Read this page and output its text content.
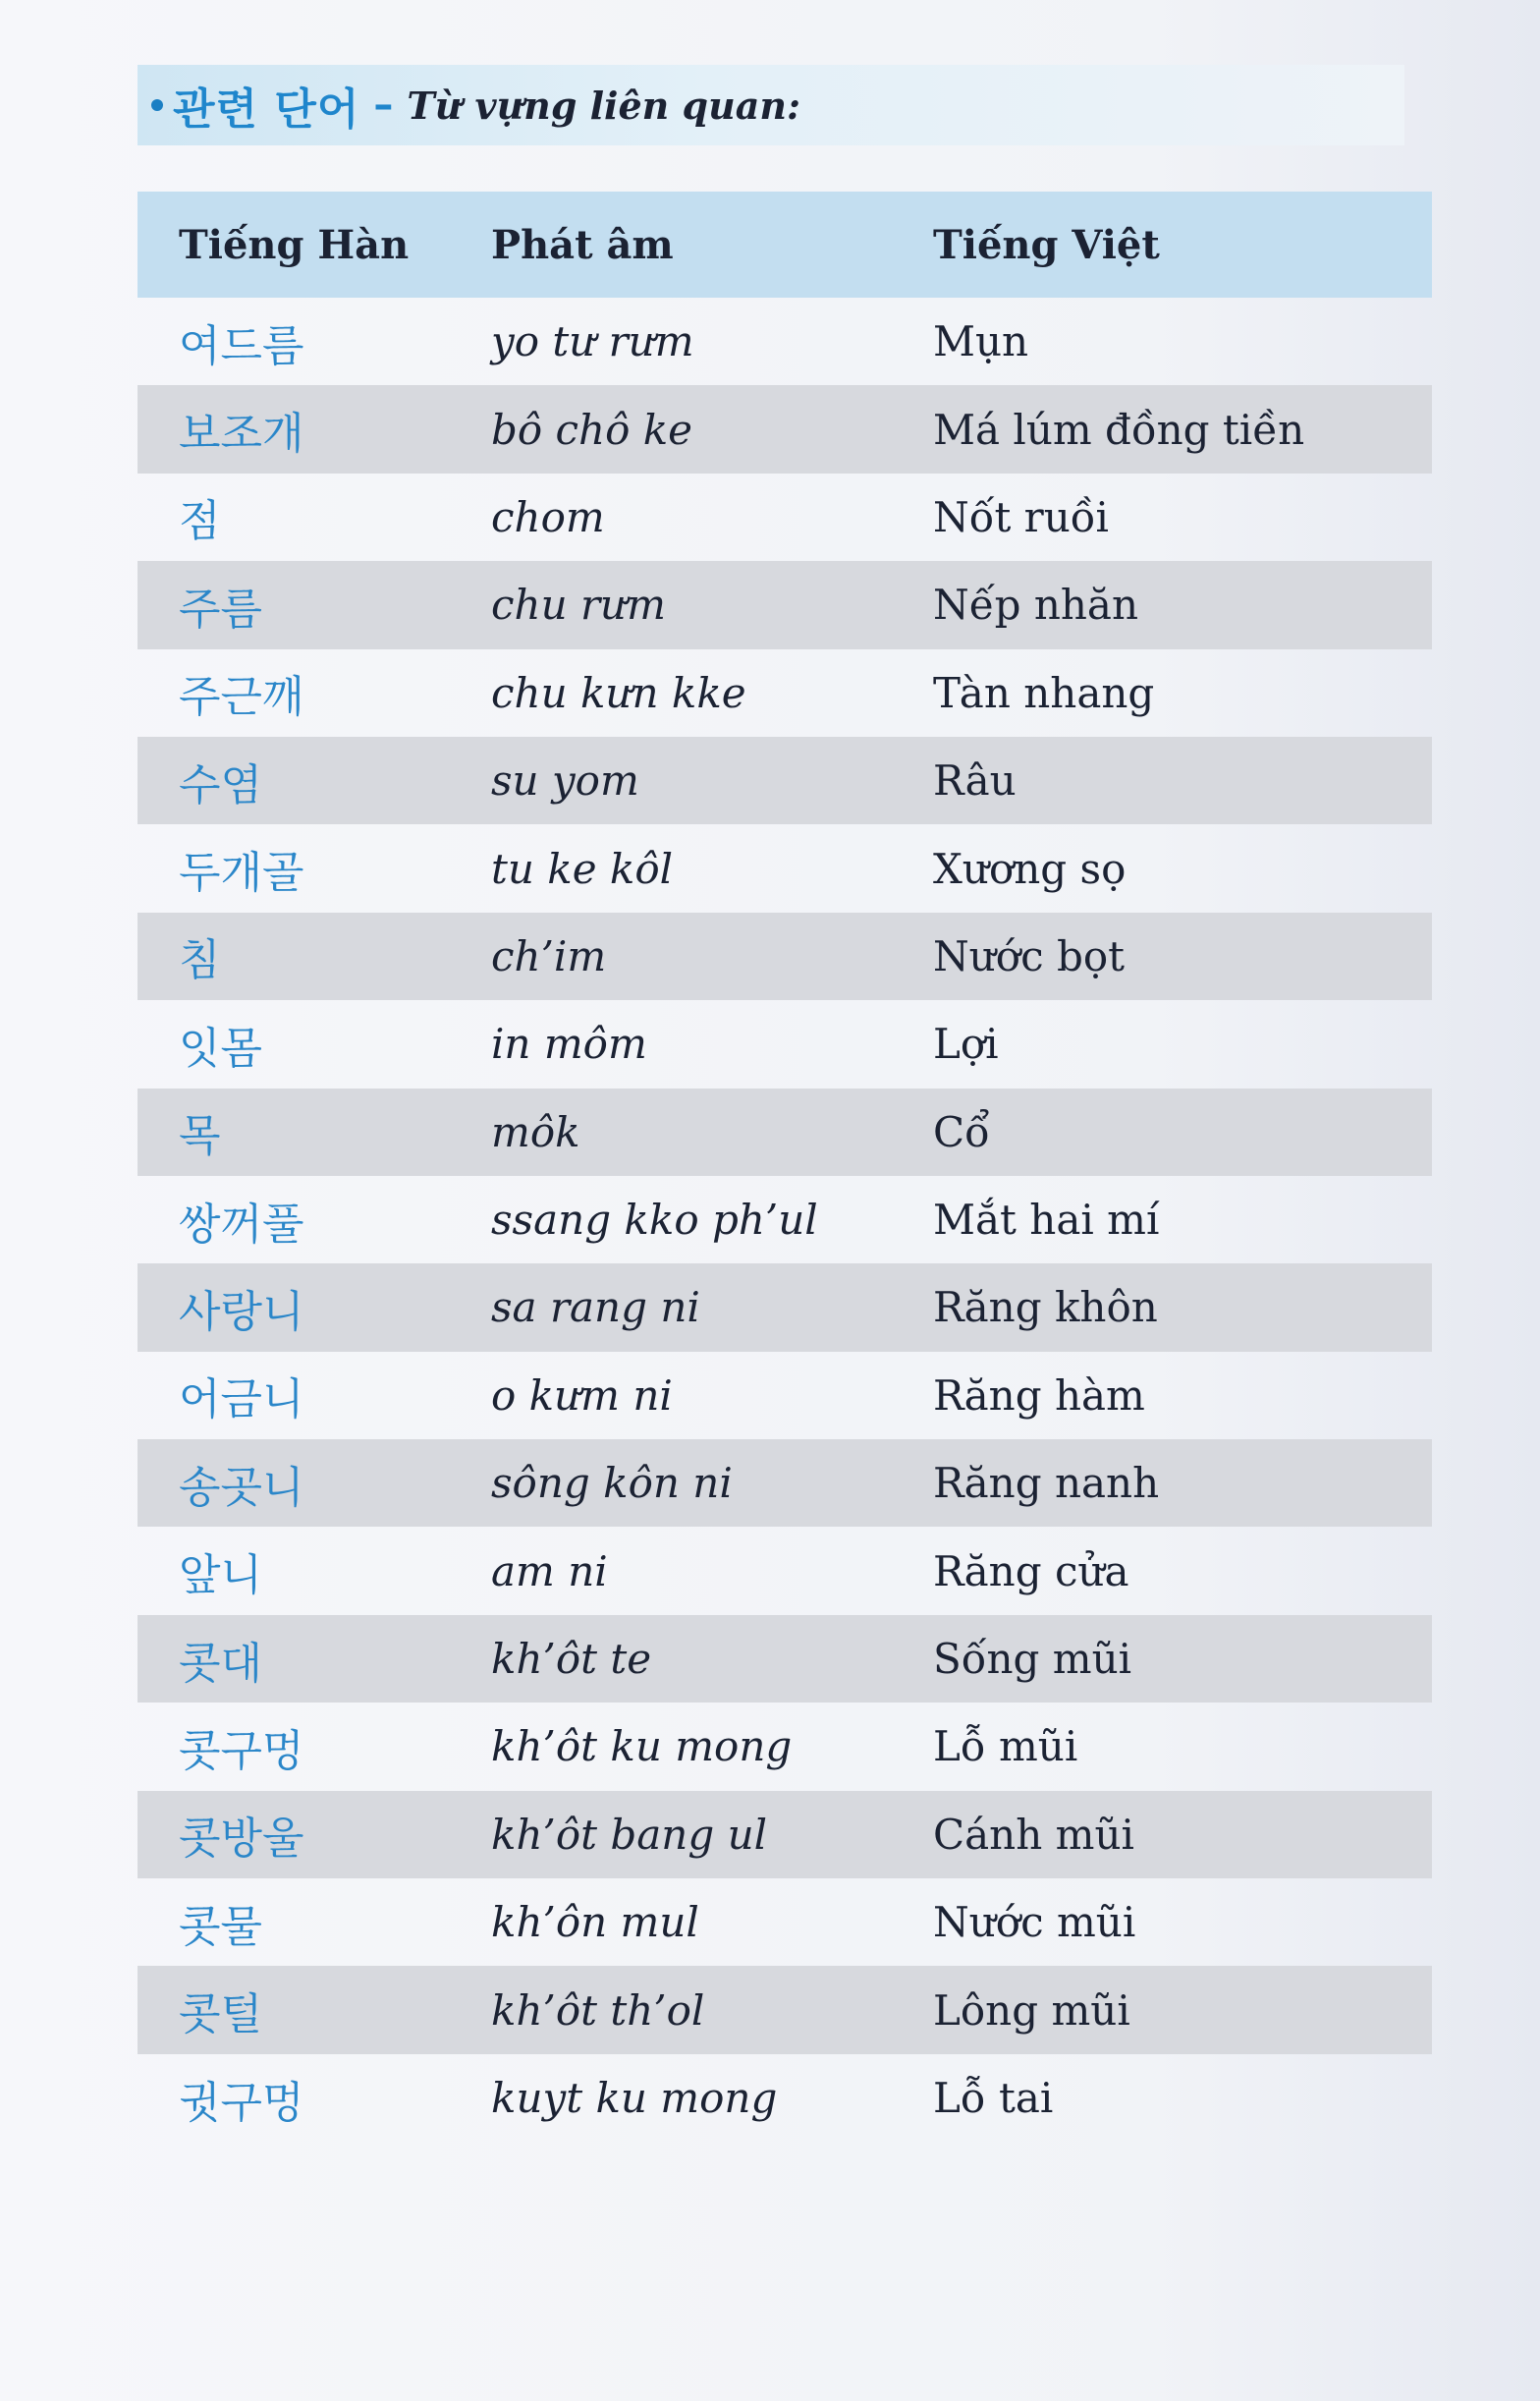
관련 단어 – Từ vựng liên quan:
Tiếng Hàn	Phát âm	Tiếng Việt
여드름	yo tư rưm	Mụn
보조개	bô chô ke	Má lúm đồng tiền
점	chom	Nốt ruồi
주름	chu rưm	Nếp nhăn
주근깨	chu kưn kke	Tàn nhang
수염	su yom	Râu
두개골	tu ke kôl	Xương sọ
침	ch’im	Nước bọt
잇몸	in môm	Lợi
목	môk	Cổ
쌍꺼풀	ssang kko ph’ul	Mắt hai mí
사랑니	sa rang ni	Răng khôn
어금니	o kưm ni	Răng hàm
송곳니	sông kôn ni	Răng nanh
앞니	am ni	Răng cửa
콧대	kh’ôt te	Sống mũi
콧구멍	kh’ôt ku mong	Lỗ mũi
콧방울	kh’ôt bang ul	Cánh mũi
콧물	kh’ôn mul	Nước mũi
콧털	kh’ôt th’ol	Lông mũi
귓구멍	kuyt ku mong	Lỗ tai
